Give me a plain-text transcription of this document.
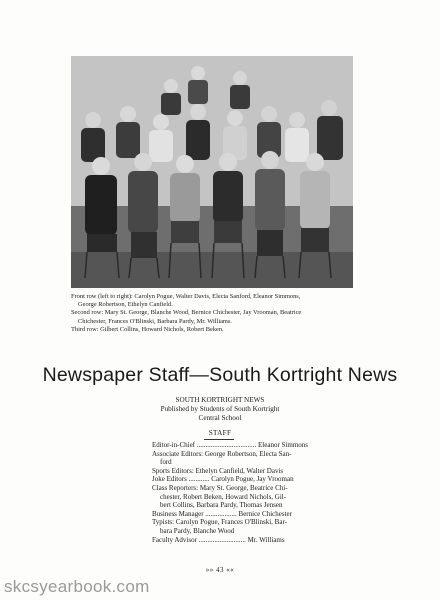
Front row (left to right): Carolyn Pogue, Walter Davis, Electa Sanford, Eleanor Simmons,
George Robertson, Ethelyn Canfield.
Second row: Mary St. George, Blanche Wood, Bernice Chichester, Jay Vrooman, Beatrice
Chichester, Frances O'Blinski, Barbara Pardy, Mr. Williams.
Third row: Gilbert Collins, Howard Nichols, Robert Beken.
Newspaper Staff—South Kortright News
SOUTH KORTRIGHT NEWS
Published by Students of South Kortright
Central School
STAFF
Editor-in-Chief .................................. Eleanor Simmons
Associate Editors: George Robertson, Electa San-
ford
Sports Editors: Ethelyn Canfield, Walter Davis
Joke Editors ............ Carolyn Pogue, Jay Vrooman
Class Reporters: Mary St. George, Beatrice Chi-
chester, Robert Beken, Howard Nichols, Gil-
bert Collins, Barbara Pardy, Thomas Jensen
Business Manager .................. Bernice Chichester
Typists: Carolyn Pogue, Frances O'Blinski, Bar-
bara Pardy, Blanche Wood
Faculty Advisor ........................... Mr. Williams
»» 43 ««
skcsyearbook.com
